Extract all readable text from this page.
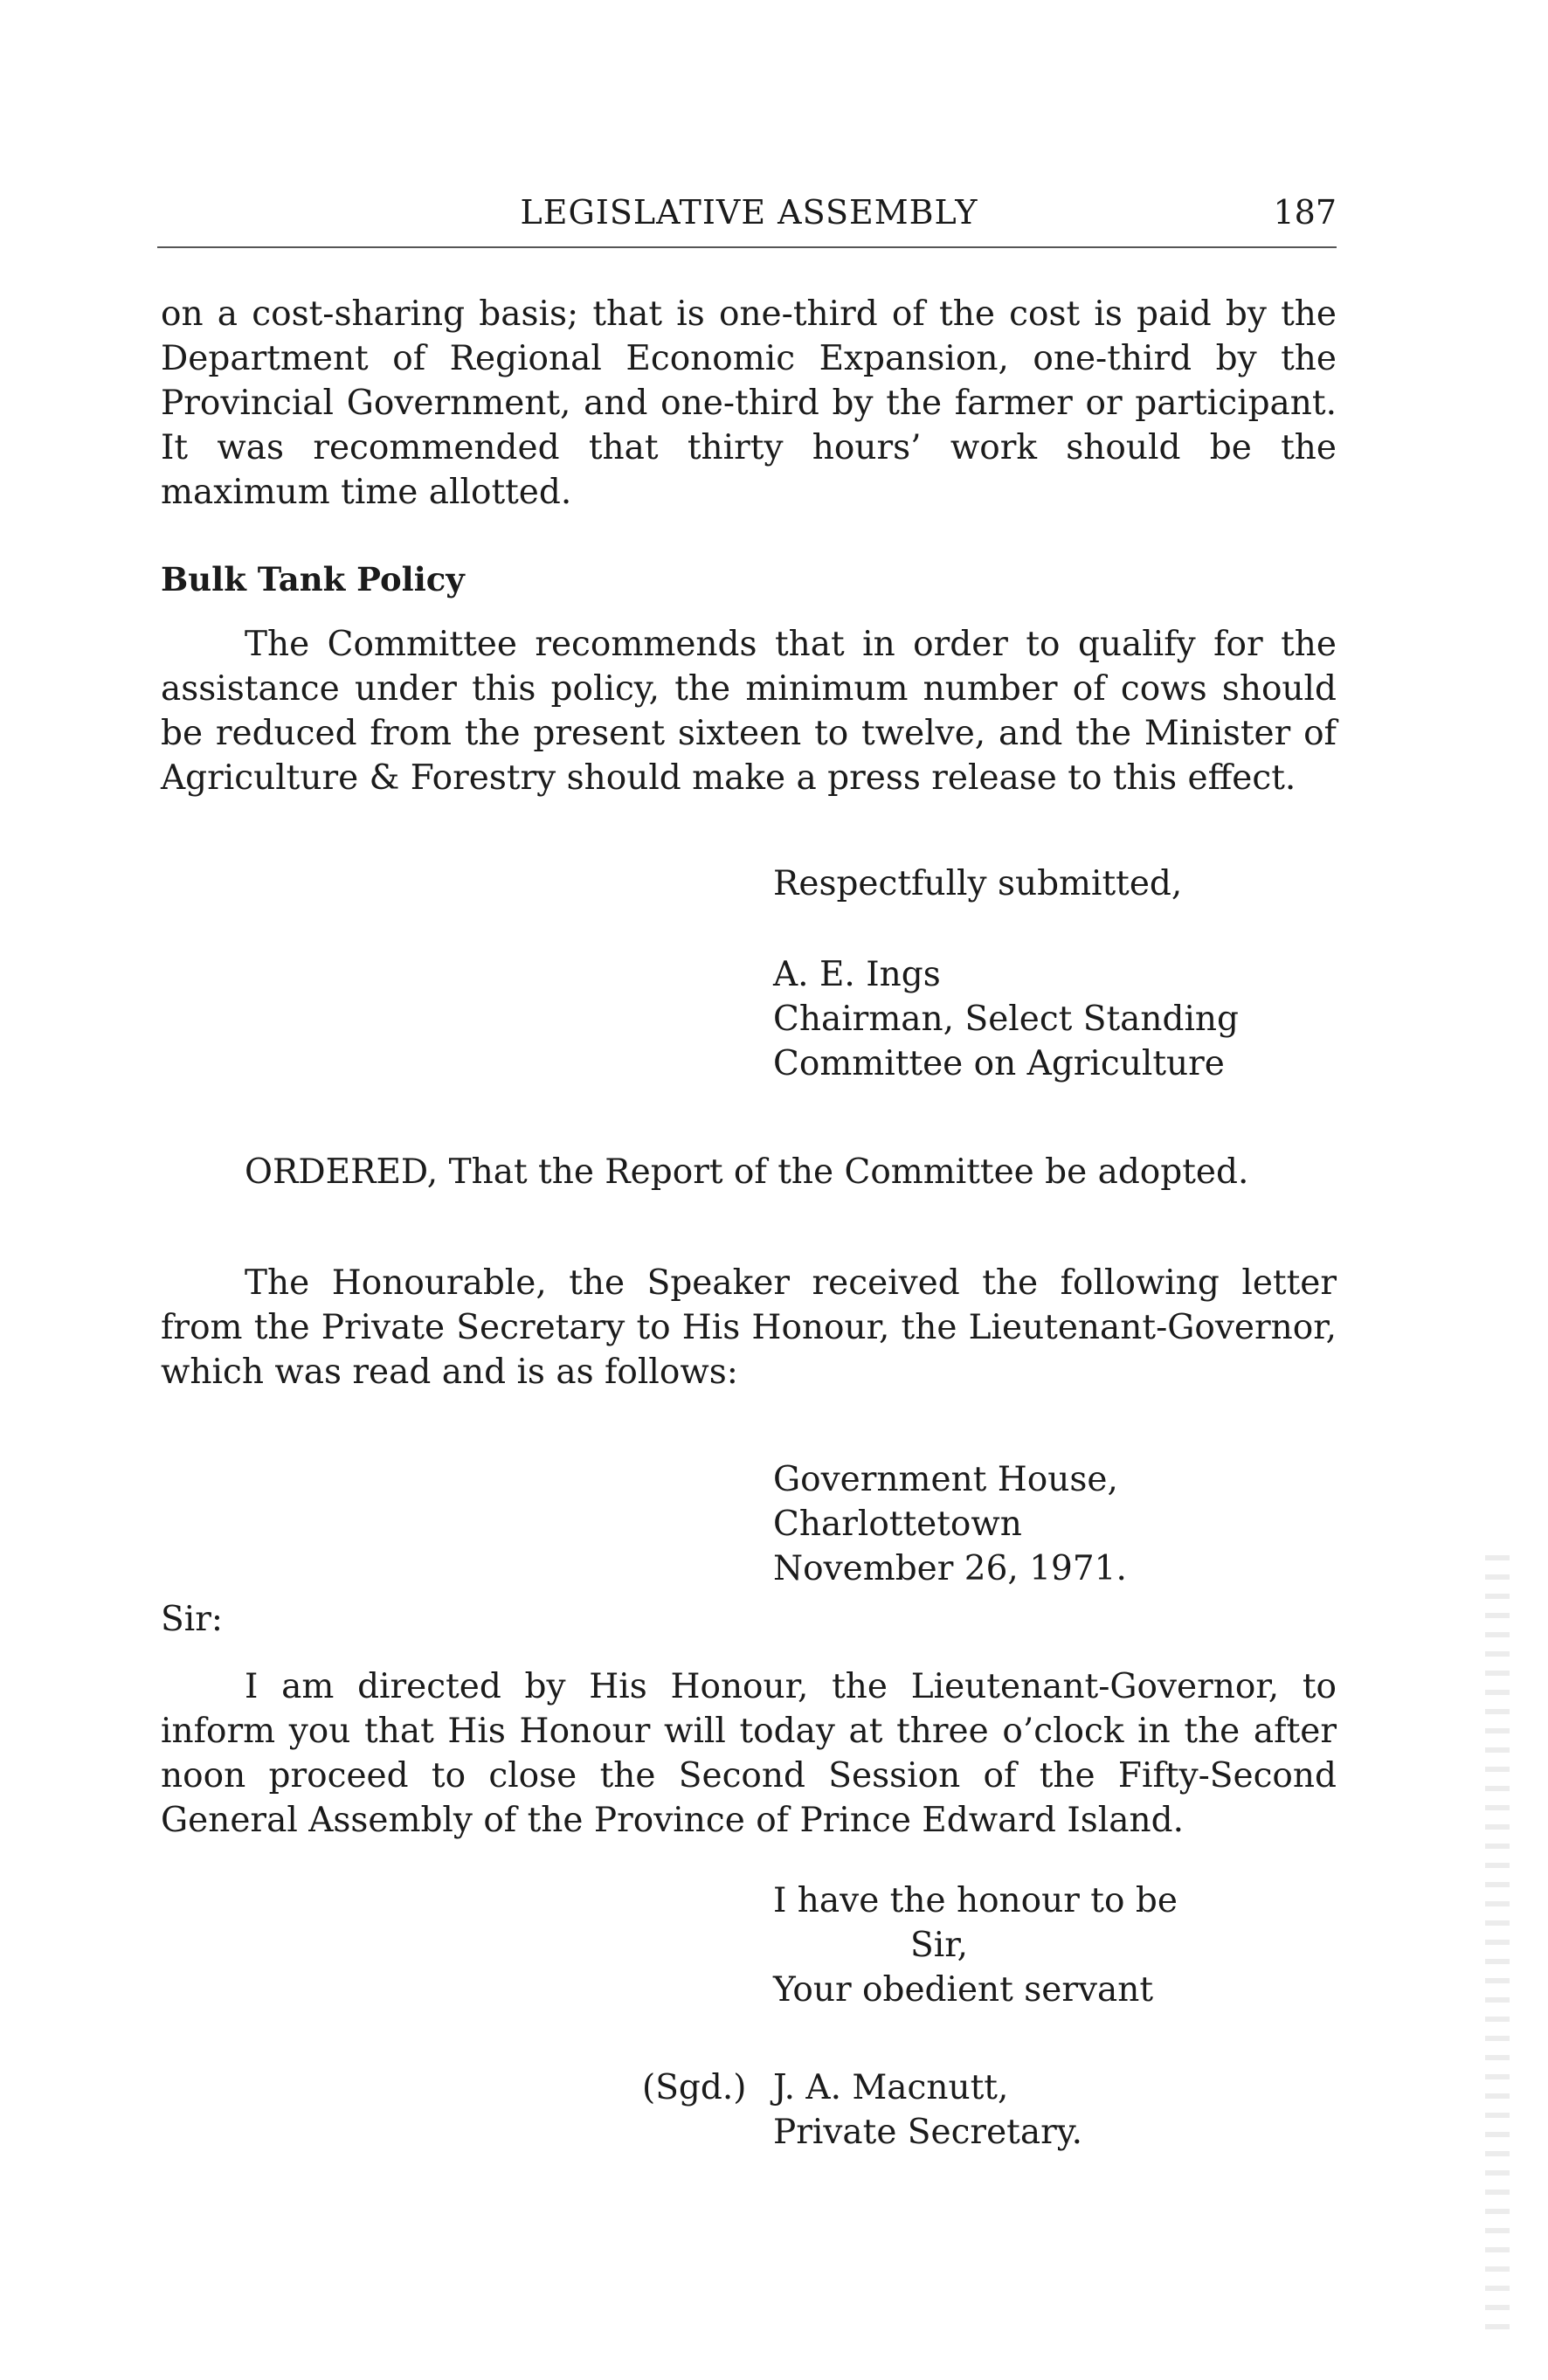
LEGISLATIVE ASSEMBLY	187
on a cost-sharing basis; that is one-third of the cost is paid by the Department of Regional Economic Expansion, one-third by the Provincial Government, and one-third by the farmer or participant. It was recommended that thirty hours’ work should be the maximum time allotted.
Bulk Tank Policy
The Committee recommends that in order to qualify for the assistance under this policy, the minimum number of cows should be reduced from the present sixteen to twelve, and the Minister of Agriculture & Forestry should make a press release to this effect.
Respectfully submitted,
A. E. Ings
Chairman, Select Standing
Committee on Agriculture
ORDERED, That the Report of the Committee be adopted.
The Honourable, the Speaker received the following letter from the Private Secretary to His Honour, the Lieutenant-Governor, which was read and is as follows:
Government House,
Charlottetown
November 26, 1971.
Sir:
I am directed by His Honour, the Lieutenant-Governor, to inform you that His Honour will today at three o’clock in the after noon proceed to close the Second Session of the Fifty-Second General Assembly of the Province of Prince Edward Island.
I have the honour to be
Sir,
Your obedient servant
(Sgd.) J. A. Macnutt,
Private Secretary.
